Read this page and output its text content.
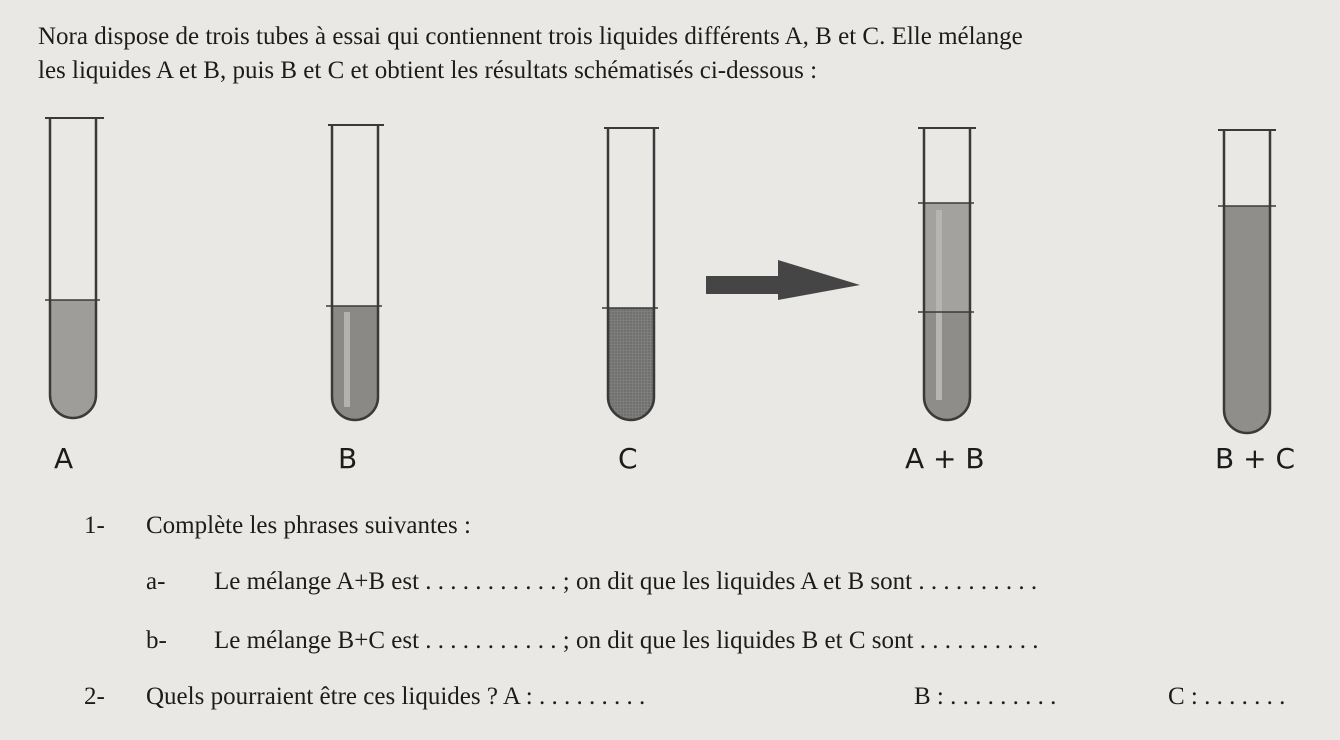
Nora dispose de trois tubes à essai qui contiennent trois liquides différents A, B et C. Elle mélange
les liquides A et B, puis B et C et obtient les résultats schématisés ci-dessous :

A	B	C	A + B	B + C
1- Complète les phrases suivantes :
a- Le mélange A+B est . . . . . . . . . . . ; on dit que les liquides A et B sont . . . . . . . . . .
b- Le mélange B+C est . . . . . . . . . . . ; on dit que les liquides B et C sont . . . . . . . . . .
2- Quels pourraient être ces liquides ? A : . . . . . . . . .	B : . . . . . . . . .	C : . . . . . . .
